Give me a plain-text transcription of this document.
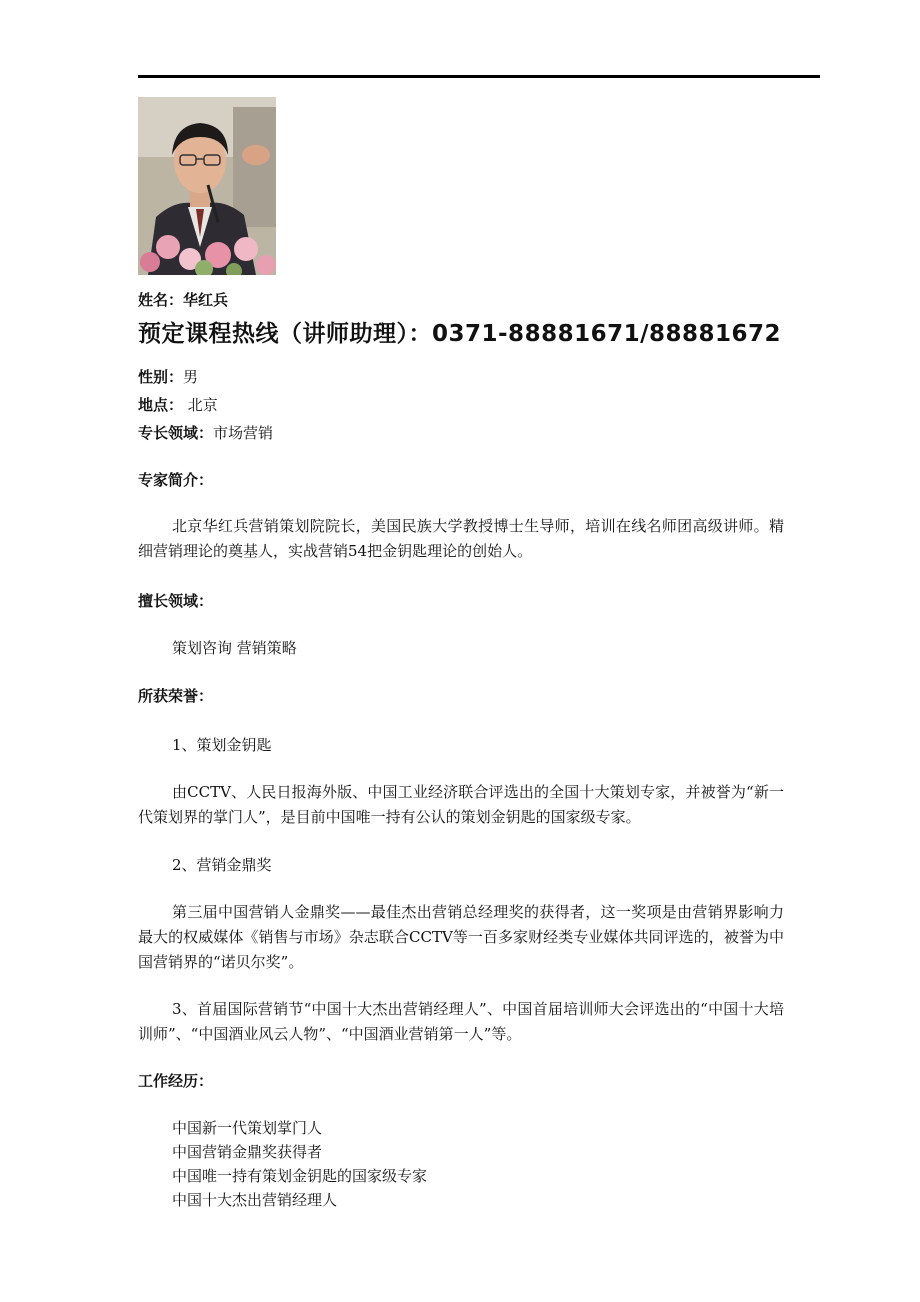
姓名：华红兵
预定课程热线（讲师助理）：0371-88881671/88881672
性别：男
地点： 北京
专长领域：市场营销
专家简介：
北京华红兵营销策划院院长，美国民族大学教授博士生导师，培训在线名师团高级讲师。精细营销理论的奠基人，实战营销54把金钥匙理论的创始人。
擅长领域：
策划咨询 营销策略
所获荣誉：
1、策划金钥匙
由CCTV、人民日报海外版、中国工业经济联合评选出的全国十大策划专家，并被誉为“新一代策划界的掌门人”，是目前中国唯一持有公认的策划金钥匙的国家级专家。
2、营销金鼎奖
第三届中国营销人金鼎奖——最佳杰出营销总经理奖的获得者，这一奖项是由营销界影响力最大的权威媒体《销售与市场》杂志联合CCTV等一百多家财经类专业媒体共同评选的，被誉为中国营销界的“诺贝尔奖”。
3、首届国际营销节“中国十大杰出营销经理人”、中国首届培训师大会评选出的“中国十大培训师”、“中国酒业风云人物”、“中国酒业营销第一人”等。
工作经历：
中国新一代策划掌门人
中国营销金鼎奖获得者
中国唯一持有策划金钥匙的国家级专家
中国十大杰出营销经理人
